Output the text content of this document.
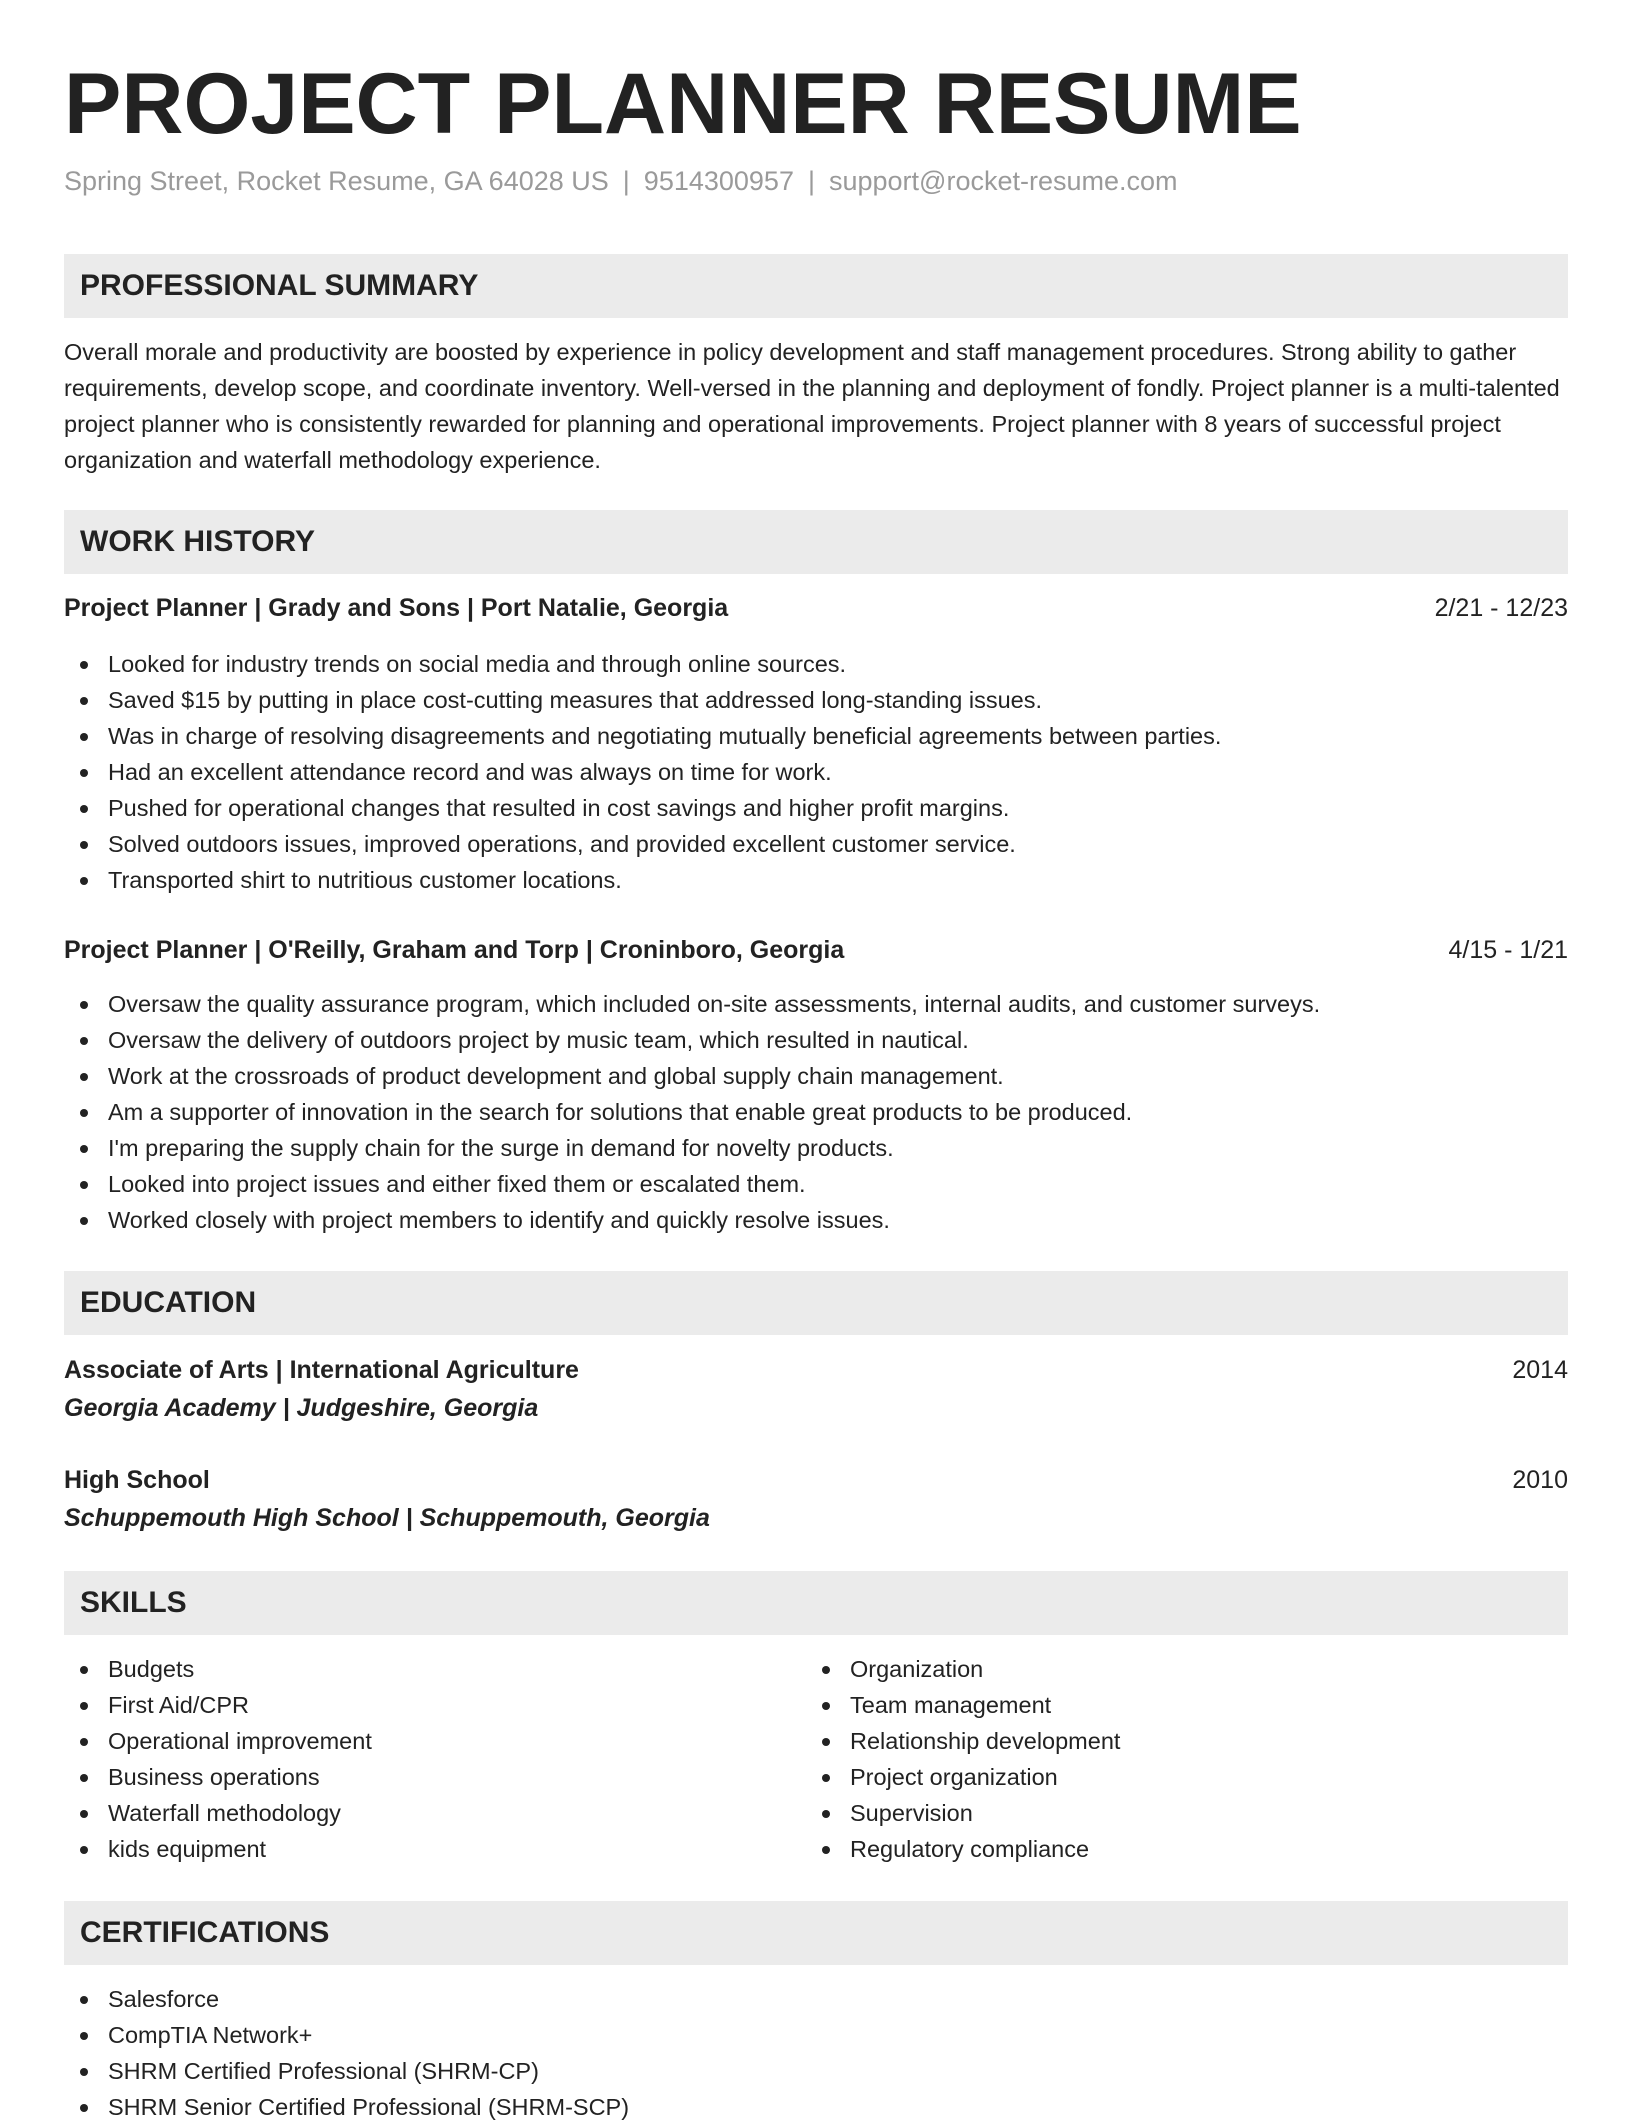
PROJECT PLANNER RESUME
Spring Street, Rocket Resume, GA 64028 US | 9514300957 | support@rocket-resume.com
PROFESSIONAL SUMMARY

Overall morale and productivity are boosted by experience in policy development and staff management procedures. Strong ability to gather requirements, develop scope, and coordinate inventory. Well-versed in the planning and deployment of fondly. Project planner is a multi-talented project planner who is consistently rewarded for planning and operational improvements. Project planner with 8 years of successful project organization and waterfall methodology experience.

WORK HISTORY
Project Planner | Grady and Sons | Port Natalie, Georgia	2/21 - 12/23
Looked for industry trends on social media and through online sources.
Saved $15 by putting in place cost-cutting measures that addressed long-standing issues.
Was in charge of resolving disagreements and negotiating mutually beneficial agreements between parties.
Had an excellent attendance record and was always on time for work.
Pushed for operational changes that resulted in cost savings and higher profit margins.
Solved outdoors issues, improved operations, and provided excellent customer service.
Transported shirt to nutritious customer locations.
Project Planner | O'Reilly, Graham and Torp | Croninboro, Georgia	4/15 - 1/21
Oversaw the quality assurance program, which included on-site assessments, internal audits, and customer surveys.
Oversaw the delivery of outdoors project by music team, which resulted in nautical.
Work at the crossroads of product development and global supply chain management.
Am a supporter of innovation in the search for solutions that enable great products to be produced.
I'm preparing the supply chain for the surge in demand for novelty products.
Looked into project issues and either fixed them or escalated them.
Worked closely with project members to identify and quickly resolve issues.
EDUCATION
Associate of Arts | International Agriculture	2014
Georgia Academy | Judgeshire, Georgia
High School	2010
Schuppemouth High School | Schuppemouth, Georgia
SKILLS
Budgets
First Aid/CPR
Operational improvement
Business operations
Waterfall methodology
kids equipment
Organization
Team management
Relationship development
Project organization
Supervision
Regulatory compliance
CERTIFICATIONS
Salesforce
CompTIA Network+
SHRM Certified Professional (SHRM-CP)
SHRM Senior Certified Professional (SHRM-SCP)
